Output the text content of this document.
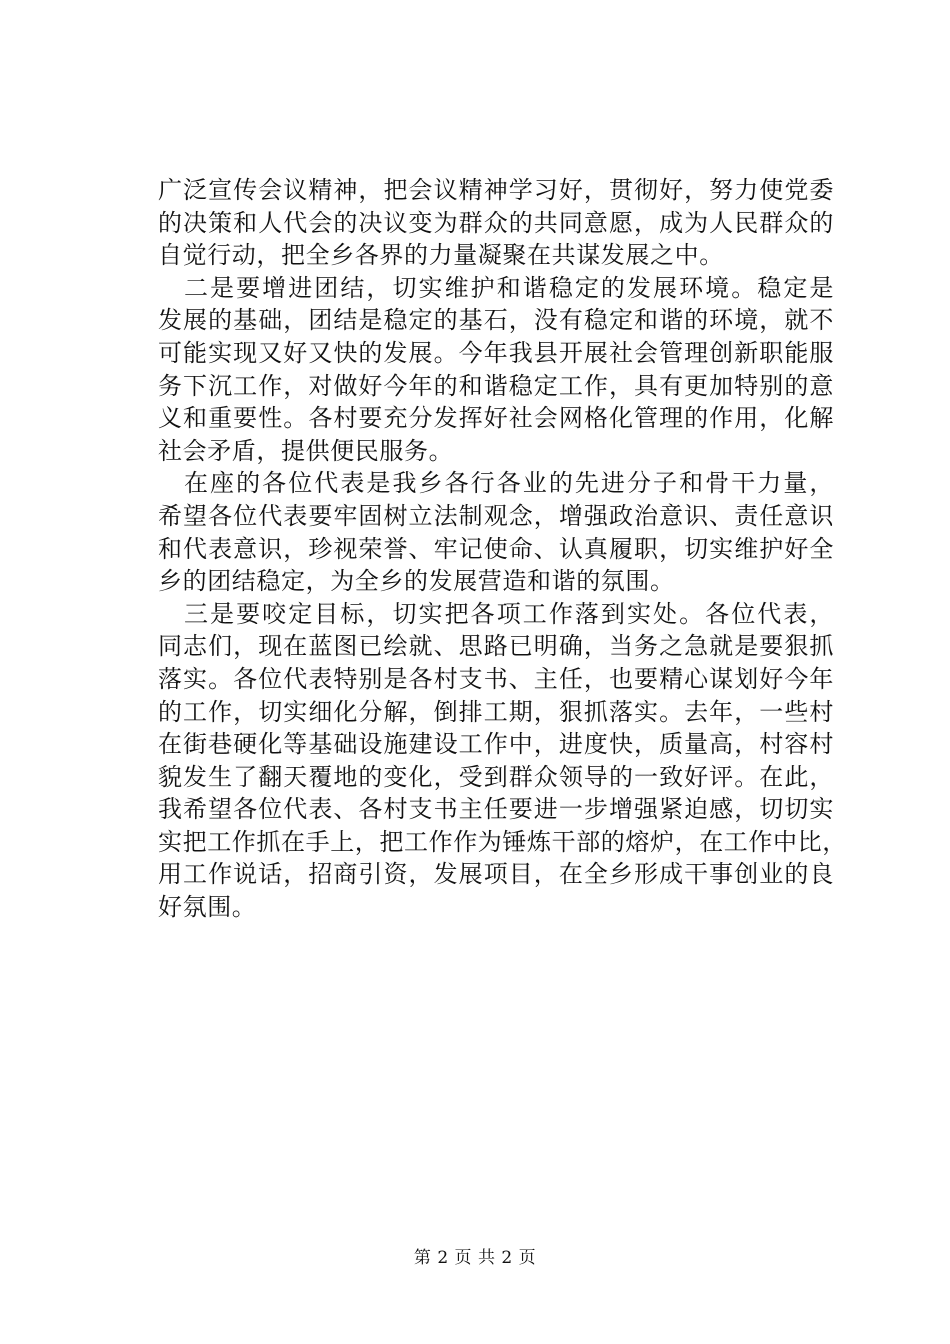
广泛宣传会议精神，把会议精神学习好，贯彻好，努力使党委
的决策和人代会的决议变为群众的共同意愿，成为人民群众的
自觉行动，把全乡各界的力量凝聚在共谋发展之中。
二是要增进团结，切实维护和谐稳定的发展环境。稳定是
发展的基础，团结是稳定的基石，没有稳定和谐的环境，就不
可能实现又好又快的发展。今年我县开展社会管理创新职能服
务下沉工作，对做好今年的和谐稳定工作，具有更加特别的意
义和重要性。各村要充分发挥好社会网格化管理的作用，化解
社会矛盾，提供便民服务。
在座的各位代表是我乡各行各业的先进分子和骨干力量，
希望各位代表要牢固树立法制观念，增强政治意识、责任意识
和代表意识，珍视荣誉、牢记使命、认真履职，切实维护好全
乡的团结稳定，为全乡的发展营造和谐的氛围。
三是要咬定目标，切实把各项工作落到实处。各位代表，
同志们，现在蓝图已绘就、思路已明确，当务之急就是要狠抓
落实。各位代表特别是各村支书、主任，也要精心谋划好今年
的工作，切实细化分解，倒排工期，狠抓落实。去年，一些村
在街巷硬化等基础设施建设工作中，进度快，质量高，村容村
貌发生了翻天覆地的变化，受到群众领导的一致好评。在此，
我希望各位代表、各村支书主任要进一步增强紧迫感，切切实
实把工作抓在手上，把工作作为锤炼干部的熔炉，在工作中比，
用工作说话，招商引资，发展项目，在全乡形成干事创业的良
好氛围。
第 2 页 共 2 页
